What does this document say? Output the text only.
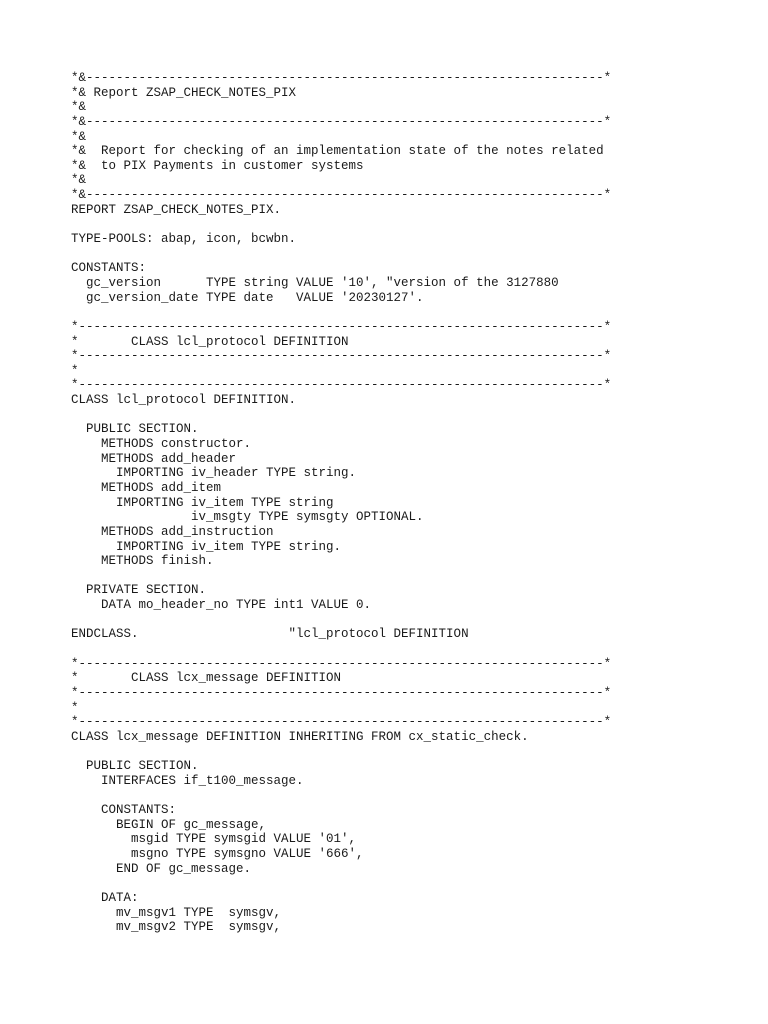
*&---------------------------------------------------------------------*
*& Report ZSAP_CHECK_NOTES_PIX
*&
*&---------------------------------------------------------------------*
*&
*&  Report for checking of an implementation state of the notes related
*&  to PIX Payments in customer systems
*&
*&---------------------------------------------------------------------*
REPORT ZSAP_CHECK_NOTES_PIX.
TYPE-POOLS: abap, icon, bcwbn.
CONSTANTS:
gc_version      TYPE string VALUE '10', "version of the 3127880
gc_version_date TYPE date   VALUE '20230127'.
*----------------------------------------------------------------------*
*       CLASS lcl_protocol DEFINITION
*----------------------------------------------------------------------*
*
*----------------------------------------------------------------------*
CLASS lcl_protocol DEFINITION.
PUBLIC SECTION.
METHODS constructor.
METHODS add_header
IMPORTING iv_header TYPE string.
METHODS add_item
IMPORTING iv_item TYPE string
iv_msgty TYPE symsgty OPTIONAL.
METHODS add_instruction
IMPORTING iv_item TYPE string.
METHODS finish.
PRIVATE SECTION.
DATA mo_header_no TYPE int1 VALUE 0.
ENDCLASS.                    "lcl_protocol DEFINITION
*----------------------------------------------------------------------*
*       CLASS lcx_message DEFINITION
*----------------------------------------------------------------------*
*
*----------------------------------------------------------------------*
CLASS lcx_message DEFINITION INHERITING FROM cx_static_check.
PUBLIC SECTION.
INTERFACES if_t100_message.
CONSTANTS:
BEGIN OF gc_message,
msgid TYPE symsgid VALUE '01',
msgno TYPE symsgno VALUE '666',
END OF gc_message.
DATA:
mv_msgv1 TYPE  symsgv,
mv_msgv2 TYPE  symsgv,
